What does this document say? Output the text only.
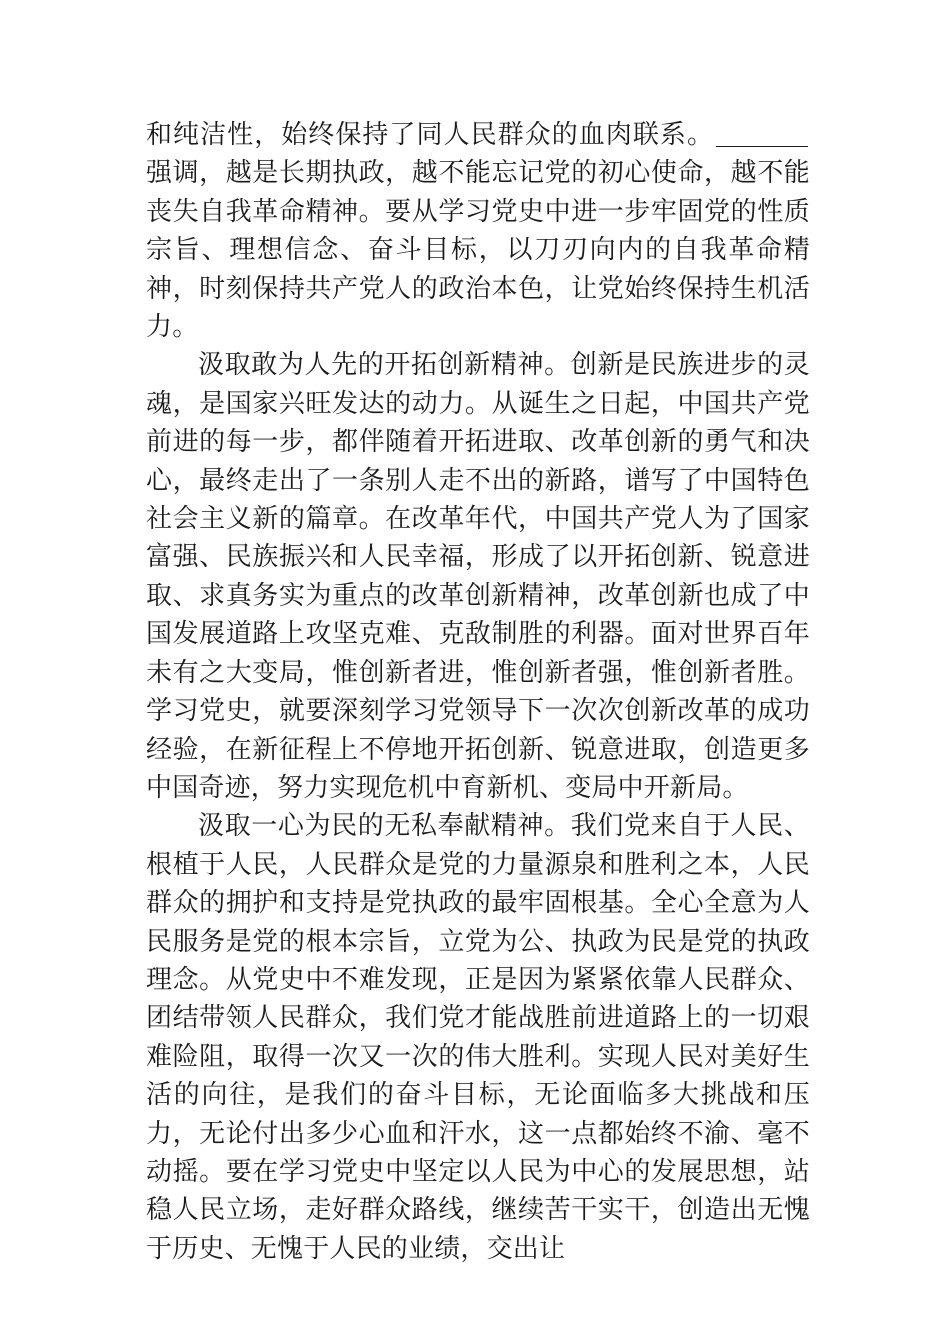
和纯洁性，始终保持了同人民群众的血肉联系。强调，越是长期执政，越不能忘记党的初心使命，越不能丧失自我革命精神。要从学习党史中进一步牢固党的性质宗旨、理想信念、奋斗目标，以刀刃向内的自我革命精神，时刻保持共产党人的政治本色，让党始终保持生机活力。

汲取敢为人先的开拓创新精神。创新是民族进步的灵魂，是国家兴旺发达的动力。从诞生之日起，中国共产党前进的每一步，都伴随着开拓进取、改革创新的勇气和决心，最终走出了一条别人走不出的新路，谱写了中国特色社会主义新的篇章。在改革年代，中国共产党人为了国家富强、民族振兴和人民幸福，形成了以开拓创新、锐意进取、求真务实为重点的改革创新精神，改革创新也成了中国发展道路上攻坚克难、克敌制胜的利器。面对世界百年未有之大变局，惟创新者进，惟创新者强，惟创新者胜。学习党史，就要深刻学习党领导下一次次创新改革的成功经验，在新征程上不停地开拓创新、锐意进取，创造更多中国奇迹，努力实现危机中育新机、变局中开新局。

汲取一心为民的无私奉献精神。我们党来自于人民、根植于人民，人民群众是党的力量源泉和胜利之本，人民群众的拥护和支持是党执政的最牢固根基。全心全意为人民服务是党的根本宗旨，立党为公、执政为民是党的执政理念。从党史中不难发现，正是因为紧紧依靠人民群众、团结带领人民群众，我们党才能战胜前进道路上的一切艰难险阻，取得一次又一次的伟大胜利。实现人民对美好生活的向往，是我们的奋斗目标，无论面临多大挑战和压力，无论付出多少心血和汗水，这一点都始终不渝、毫不动摇。要在学习党史中坚定以人民为中心的发展思想，站稳人民立场，走好群众路线，继续苦干实干，创造出无愧于历史、无愧于人民的业绩，交出让
